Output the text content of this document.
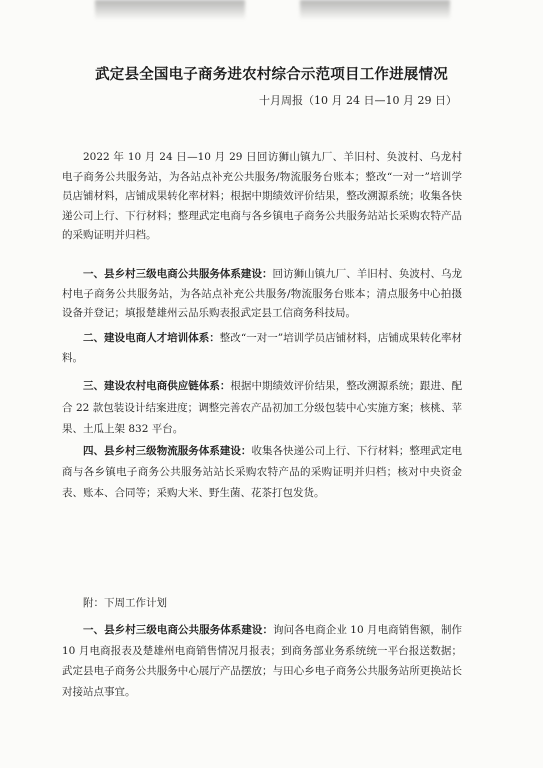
武定县全国电子商务进农村综合示范项目工作进展情况
十月周报（10 月 24 日—10 月 29 日）
2022 年 10 月 24 日—10 月 29 日回访狮山镇九厂、羊旧村、奂波村、乌龙村电子商务公共服务站，为各站点补充公共服务/物流服务台账本；整改“一对一”培训学员店铺材料，店铺成果转化率材料；根据中期绩效评价结果，整改溯源系统；收集各快递公司上行、下行材料；整理武定电商与各乡镇电子商务公共服务站站长采购农特产品的采购证明并归档。
一、县乡村三级电商公共服务体系建设：回访狮山镇九厂、羊旧村、奂波村、乌龙村电子商务公共服务站，为各站点补充公共服务/物流服务台账本；清点服务中心拍摄设备并登记；填报楚雄州云品乐购表报武定县工信商务科技局。
二、建设电商人才培训体系：整改“一对一”培训学员店铺材料，店铺成果转化率材料。
三、建设农村电商供应链体系：根据中期绩效评价结果，整改溯源系统；跟进、配合 22 款包装设计结案进度；调整完善农产品初加工分级包装中心实施方案；核桃、苹果、土瓜上架 832 平台。
四、县乡村三级物流服务体系建设：收集各快递公司上行、下行材料；整理武定电商与各乡镇电子商务公共服务站站长采购农特产品的采购证明并归档；核对中央资金表、账本、合同等；采购大米、野生菌、花茶打包发货。
附：下周工作计划
一、县乡村三级电商公共服务体系建设：询问各电商企业 10 月电商销售额，制作 10 月电商报表及楚雄州电商销售情况月报表；到商务部业务系统统一平台报送数据；武定县电子商务公共服务中心展厅产品摆放；与田心乡电子商务公共服务站所更换站长对接站点事宜。
